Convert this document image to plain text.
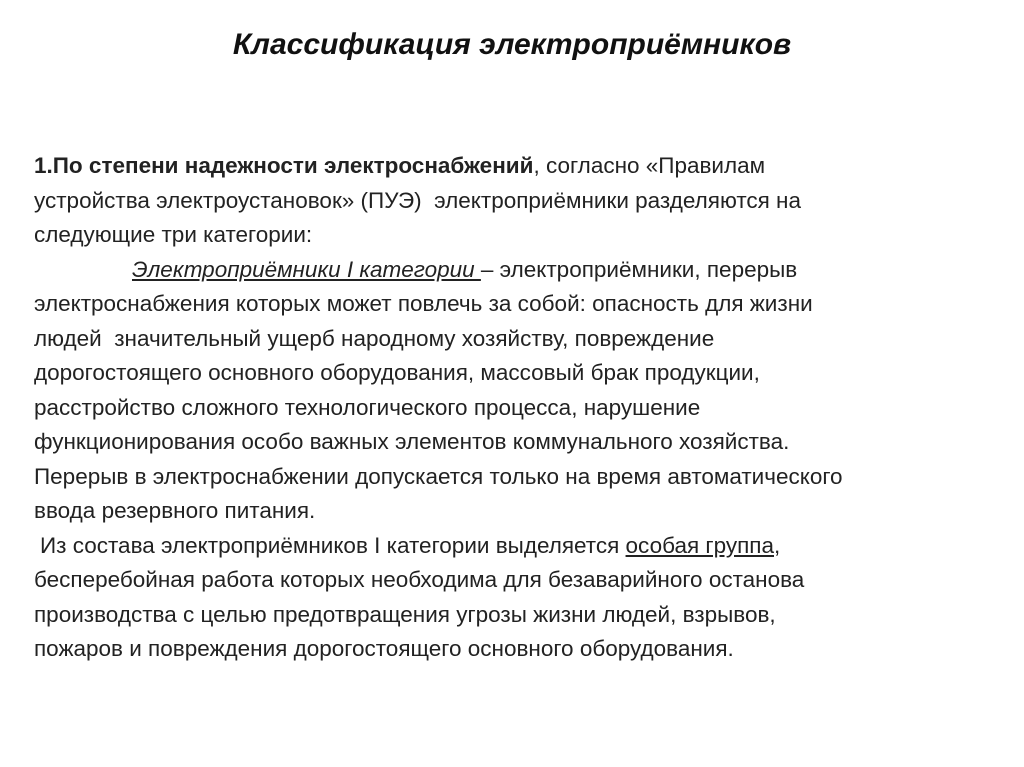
Классификация электроприёмников
1.По степени надежности электроснабжений, согласно «Правилам
устройства электроустановок» (ПУЭ)  электроприёмники разделяются на
следующие три категории:
Электроприёмники I категории – электроприёмники, перерыв
электроснабжения которых может повлечь за собой: опасность для жизни
людей  значительный ущерб народному хозяйству, повреждение
дорогостоящего основного оборудования, массовый брак продукции,
расстройство сложного технологического процесса, нарушение
функционирования особо важных элементов коммунального хозяйства.
Перерыв в электроснабжении допускается только на время автоматического
ввода резервного питания.
Из состава электроприёмников I категории выделяется особая группа,
бесперебойная работа которых необходима для безаварийного останова
производства с целью предотвращения угрозы жизни людей, взрывов,
пожаров и повреждения дорогостоящего основного оборудования.
